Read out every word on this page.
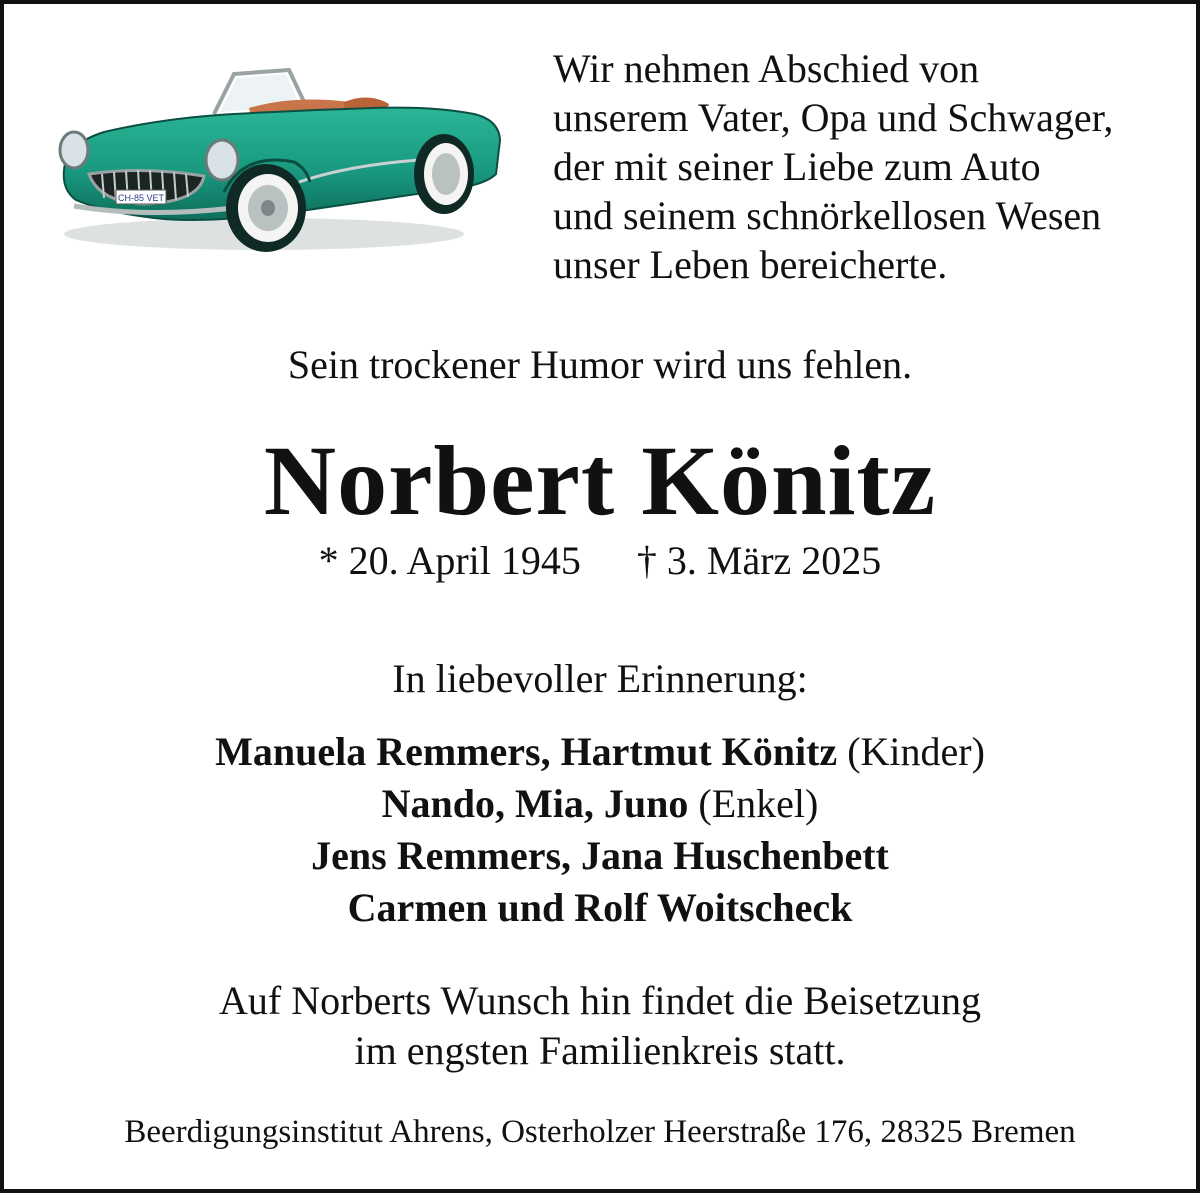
CH-85 VET
Wir nehmen Abschied von
unserem Vater, Opa und Schwager,
der mit seiner Liebe zum Auto
und seinem schnörkellosen Wesen
unser Leben bereicherte.
Sein trockener Humor wird uns fehlen.
Norbert Könitz
* 20. April 1945 † 3. März 2025
In liebevoller Erinnerung:
Manuela Remmers, Hartmut Könitz (Kinder)
Nando, Mia, Juno (Enkel)
Jens Remmers, Jana Huschenbett
Carmen und Rolf Woitscheck
Auf Norberts Wunsch hin findet die Beisetzung
im engsten Familienkreis statt.
Beerdigungsinstitut Ahrens, Osterholzer Heerstraße 176, 28325 Bremen
